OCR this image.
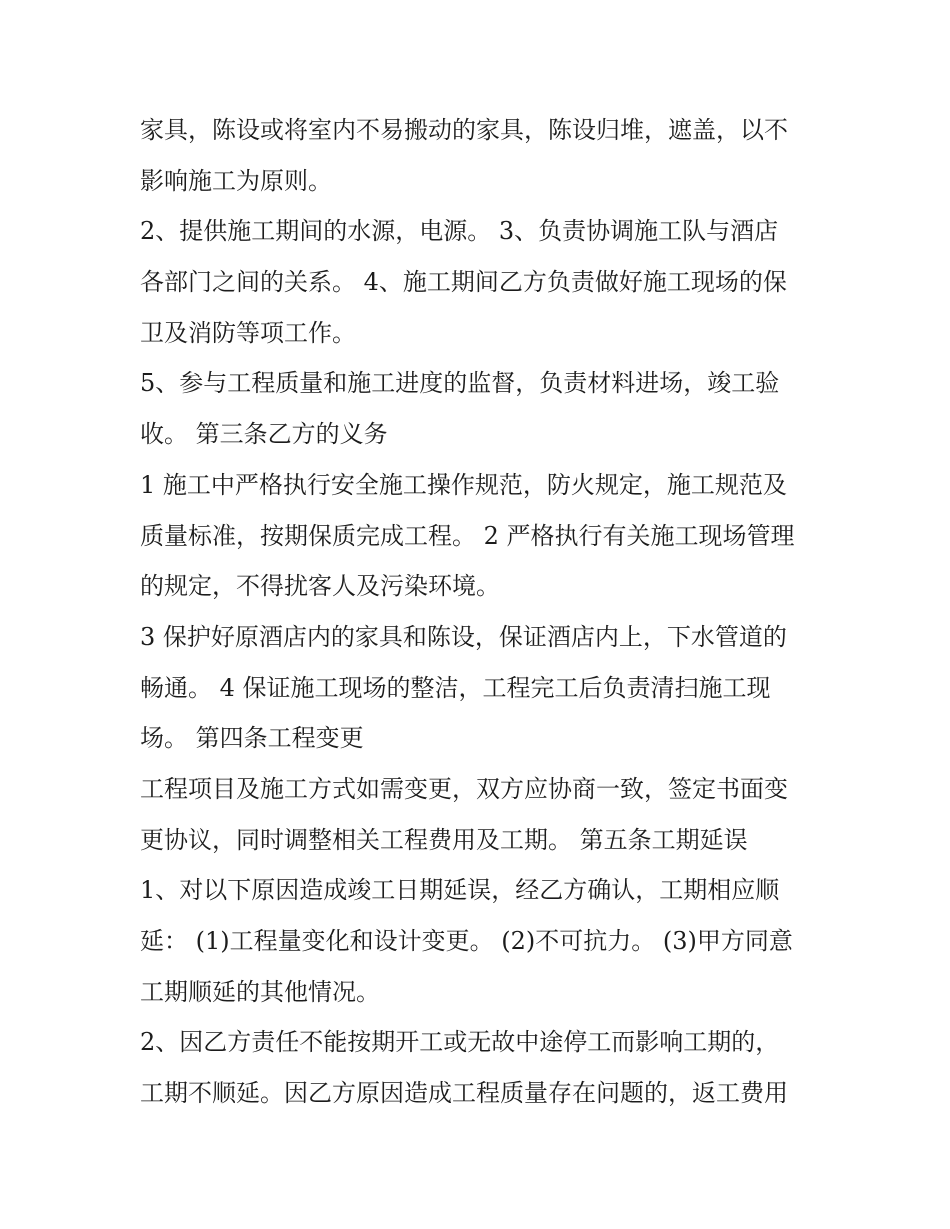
家具，陈设或将室内不易搬动的家具，陈设归堆，遮盖，以不

影响施工为原则。

2、提供施工期间的水源，电源。 3、负责协调施工队与酒店

各部门之间的关系。 4、施工期间乙方负责做好施工现场的保

卫及消防等项工作。

5、参与工程质量和施工进度的监督，负责材料进场，竣工验

收。 第三条乙方的义务

1 施工中严格执行安全施工操作规范，防火规定，施工规范及

质量标准，按期保质完成工程。 2 严格执行有关施工现场管理

的规定，不得扰客人及污染环境。

3 保护好原酒店内的家具和陈设，保证酒店内上，下水管道的

畅通。 4 保证施工现场的整洁，工程完工后负责清扫施工现

场。 第四条工程变更

工程项目及施工方式如需变更，双方应协商一致，签定书面变

更协议，同时调整相关工程费用及工期。 第五条工期延误

1、对以下原因造成竣工日期延误，经乙方确认，工期相应顺

延： (1)工程量变化和设计变更。 (2)不可抗力。 (3)甲方同意

工期顺延的其他情况。

2、因乙方责任不能按期开工或无故中途停工而影响工期的，

工期不顺延。因乙方原因造成工程质量存在问题的，返工费用
